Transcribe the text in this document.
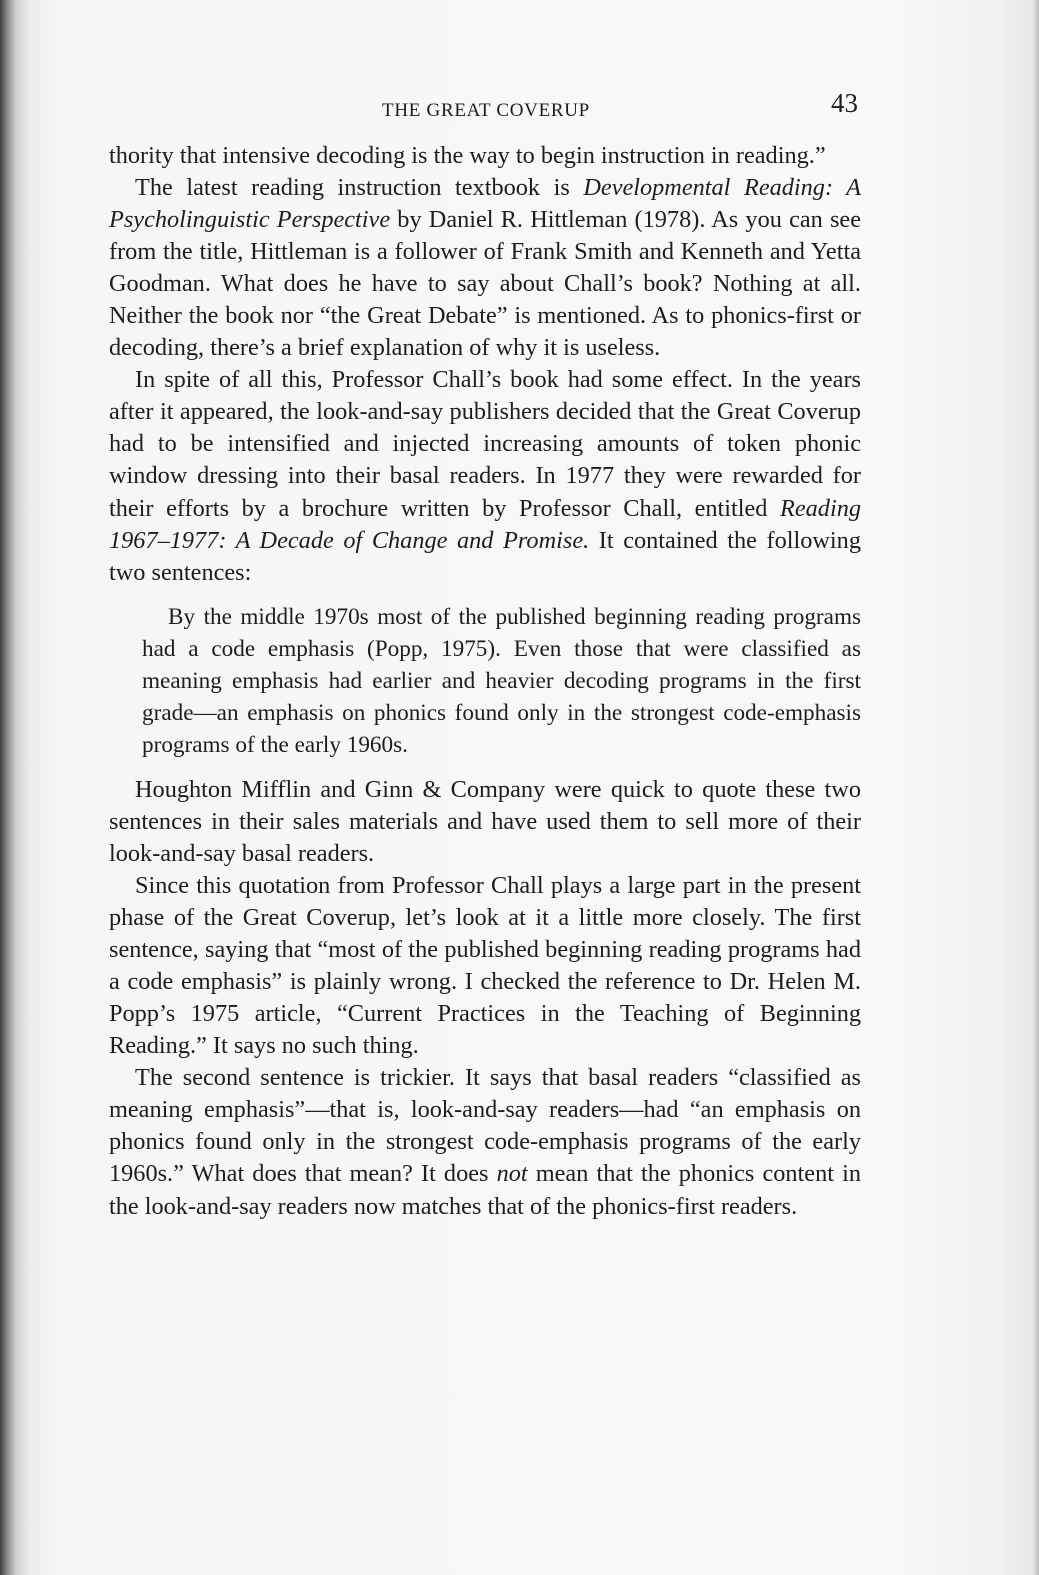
THE GREAT COVERUP	43

thority that intensive decoding is the way to begin instruction in reading.”

The latest reading instruction textbook is Developmental Reading: A Psycholinguistic Perspective by Daniel R. Hittleman (1978). As you can see from the title, Hittleman is a follower of Frank Smith and Kenneth and Yetta Goodman. What does he have to say about Chall’s book? Nothing at all. Neither the book nor “the Great Debate” is mentioned. As to phonics-first or decoding, there’s a brief explanation of why it is useless.

In spite of all this, Professor Chall’s book had some effect. In the years after it appeared, the look-and-say publishers decided that the Great Coverup had to be intensified and injected increasing amounts of token phonic window dressing into their basal readers. In 1977 they were rewarded for their efforts by a brochure written by Professor Chall, entitled Reading 1967–1977: A Decade of Change and Promise. It contained the following two sentences:

By the middle 1970s most of the published beginning reading programs had a code emphasis (Popp, 1975). Even those that were classified as meaning emphasis had earlier and heavier decoding programs in the first grade—an emphasis on phonics found only in the strongest code-emphasis programs of the early 1960s.

Houghton Mifflin and Ginn & Company were quick to quote these two sentences in their sales materials and have used them to sell more of their look-and-say basal readers.

Since this quotation from Professor Chall plays a large part in the present phase of the Great Coverup, let’s look at it a little more closely. The first sentence, saying that “most of the published beginning reading programs had a code emphasis” is plainly wrong. I checked the reference to Dr. Helen M. Popp’s 1975 article, “Current Practices in the Teaching of Beginning Reading.” It says no such thing.

The second sentence is trickier. It says that basal readers “classified as meaning emphasis”—that is, look-and-say readers—had “an emphasis on phonics found only in the strongest code-emphasis programs of the early 1960s.” What does that mean? It does not mean that the phonics content in the look-and-say readers now matches that of the phonics-first readers.
